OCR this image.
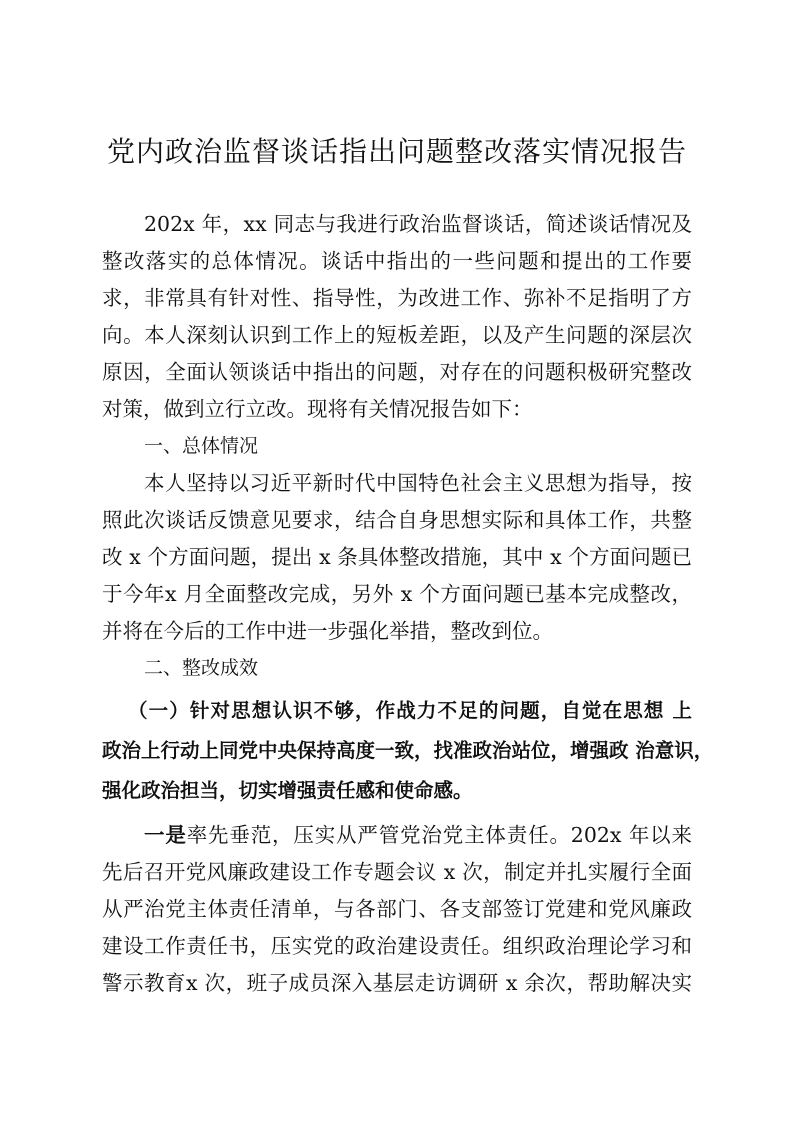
党内政治监督谈话指出问题整改落实情况报告
202x 年，xx 同志与我进行政治监督谈话，简述谈话情况及
整改落实的总体情况。谈话中指出的一些问题和提出的工作要
求，非常具有针对性、指导性，为改进工作、弥补不足指明了方
向。本人深刻认识到工作上的短板差距，以及产生问题的深层次
原因，全面认领谈话中指出的问题，对存在的问题积极研究整改
对策，做到立行立改。现将有关情况报告如下：
一、总体情况
本人坚持以习近平新时代中国特色社会主义思想为指导，按
照此次谈话反馈意见要求，结合自身思想实际和具体工作，共整
改 x 个方面问题，提出 x 条具体整改措施，其中 x 个方面问题已
于今年x 月全面整改完成，另外 x 个方面问题已基本完成整改，
并将在今后的工作中进一步强化举措，整改到位。
二、整改成效
（一）针对思想认识不够，作战力不足的问题，自觉在思想 上
政治上行动上同党中央保持高度一致，找准政治站位，增强政 治意识，
强化政治担当，切实增强责任感和使命感。
一是率先垂范，压实从严管党治党主体责任。202x 年以来
先后召开党风廉政建设工作专题会议 x 次，制定并扎实履行全面
从严治党主体责任清单，与各部门、各支部签订党建和党风廉政
建设工作责任书，压实党的政治建设责任。组织政治理论学习和
警示教育x 次，班子成员深入基层走访调研 x 余次，帮助解决实
